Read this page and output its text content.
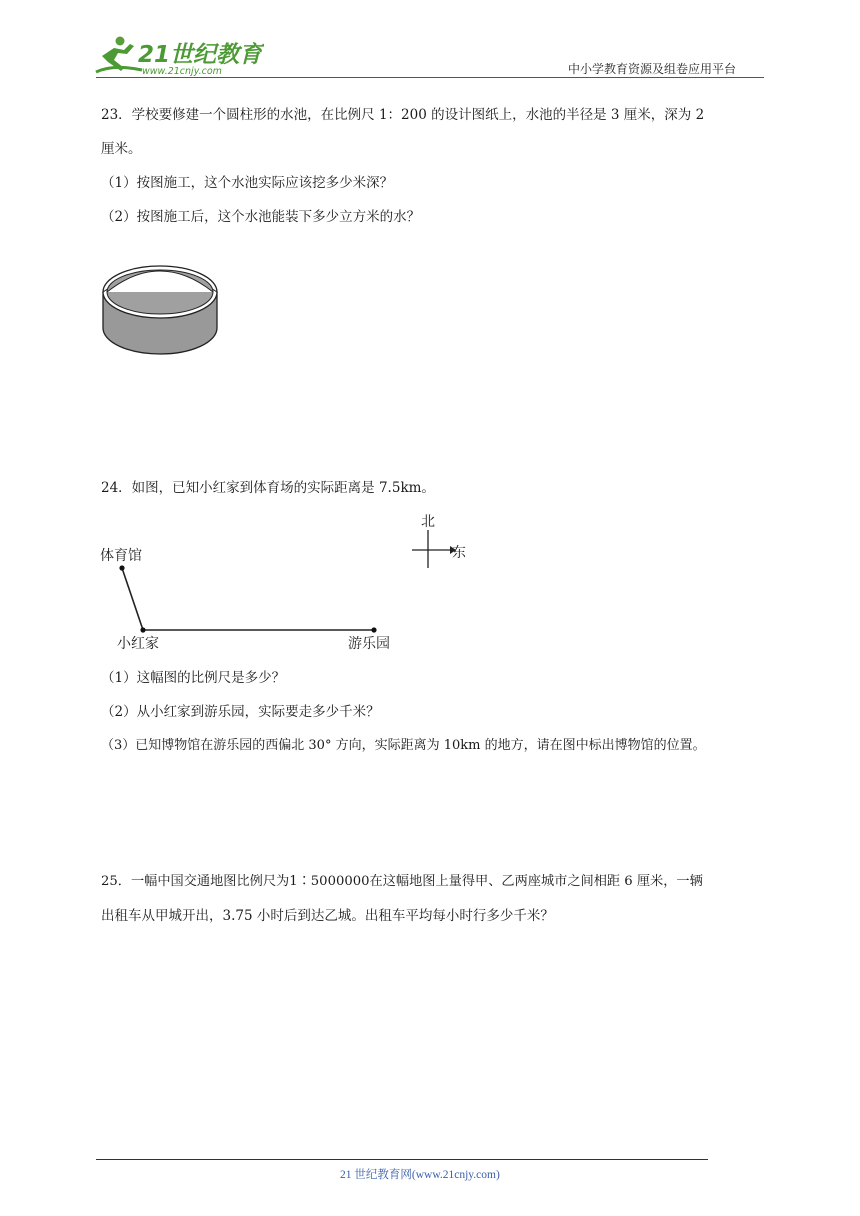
21世纪教育
www.21cnjy.com	中小学教育资源及组卷应用平台
23．学校要修建一个圆柱形的水池，在比例尺 1：200 的设计图纸上，水池的半径是 3 厘米，深为 2
厘米。
（1）按图施工，这个水池实际应该挖多少米深？
（2）按图施工后，这个水池能装下多少立方米的水？
24．如图，已知小红家到体育场的实际距离是 7.5km。
北
东
体育馆
小红家	游乐园
（1）这幅图的比例尺是多少？
（2）从小红家到游乐园，实际要走多少千米？
（3）已知博物馆在游乐园的西偏北 30° 方向，实际距离为 10km 的地方，请在图中标出博物馆的位置。
25．一幅中国交通地图比例尺为1∶5000000在这幅地图上量得甲、乙两座城市之间相距 6 厘米，一辆
出租车从甲城开出，3.75 小时后到达乙城。出租车平均每小时行多少千米？
21 世纪教育网(www.21cnjy.com)
